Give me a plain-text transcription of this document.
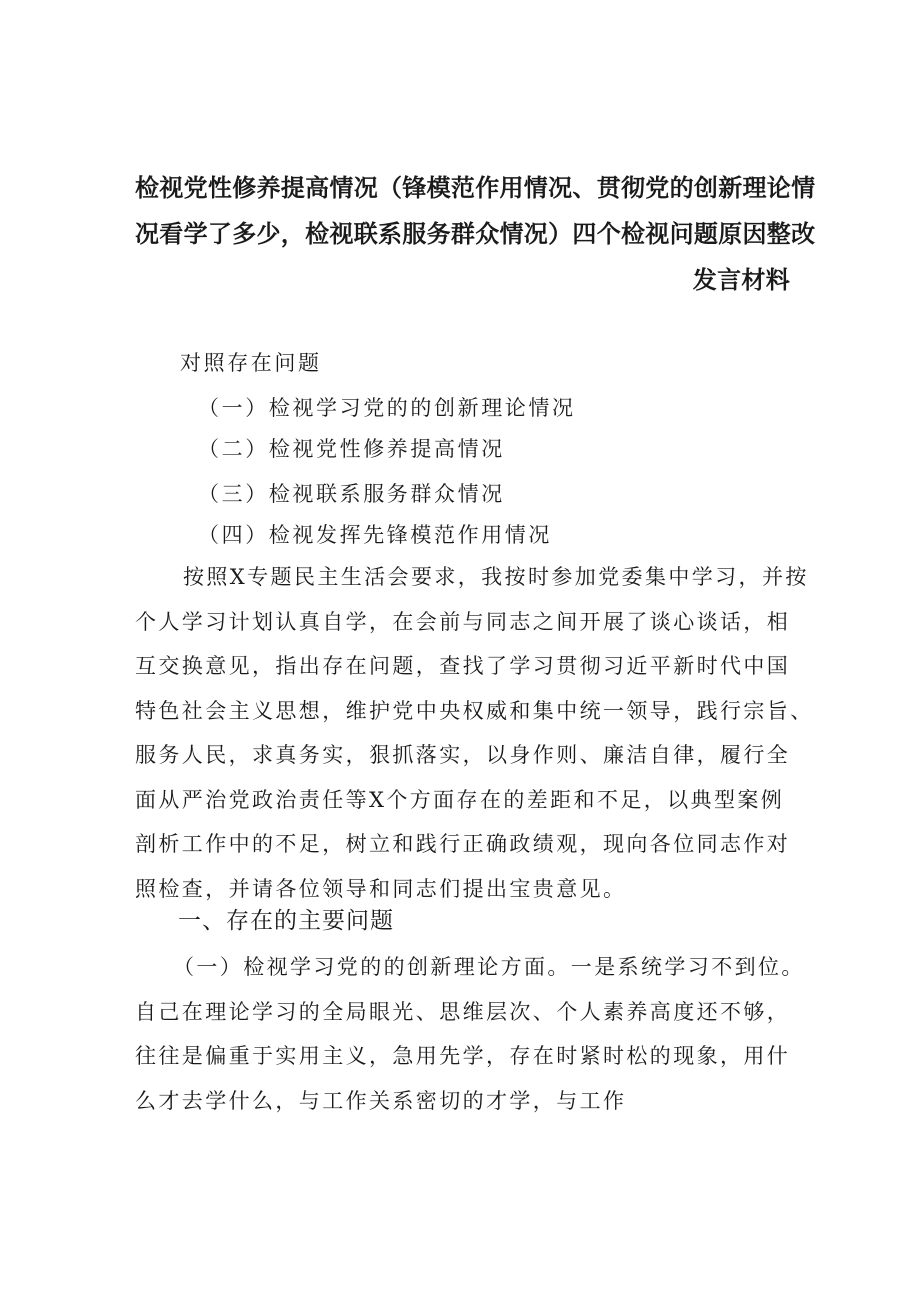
检视党性修养提高情况（锋模范作用情况、贯彻党的创新理论情
况看学了多少，检视联系服务群众情况）四个检视问题原因整改
发言材料
对照存在问题
（一）检视学习党的的创新理论情况
（二）检视党性修养提高情况
（三）检视联系服务群众情况
（四）检视发挥先锋模范作用情况
按照X专题民主生活会要求，我按时参加党委集中学习，并按
个人学习计划认真自学，在会前与同志之间开展了谈心谈话，相
互交换意见，指出存在问题，查找了学习贯彻习近平新时代中国
特色社会主义思想，维护党中央权威和集中统一领导，践行宗旨、
服务人民，求真务实，狠抓落实，以身作则、廉洁自律，履行全
面从严治党政治责任等X个方面存在的差距和不足，以典型案例
剖析工作中的不足，树立和践行正确政绩观，现向各位同志作对
照检查，并请各位领导和同志们提出宝贵意见。
一、存在的主要问题
（一）检视学习党的的创新理论方面。一是系统学习不到位。
自己在理论学习的全局眼光、思维层次、个人素养高度还不够，
往往是偏重于实用主义，急用先学，存在时紧时松的现象，用什
么才去学什么，与工作关系密切的才学，与工作
